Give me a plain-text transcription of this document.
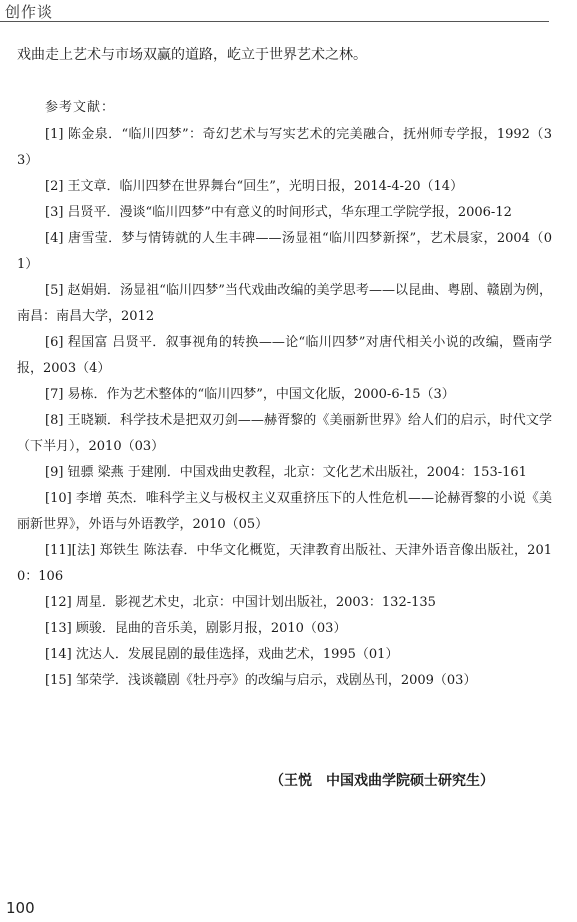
创作谈

戏曲走上艺术与市场双赢的道路，屹立于世界艺术之林。

参考文献：
[1] 陈金泉．“临川四梦”：奇幻艺术与写实艺术的完美融合，抚州师专学报，1992（33）
[2] 王文章．临川四梦在世界舞台“回生”，光明日报，2014-4-20（14）
[3] 吕贤平．漫谈“临川四梦”中有意义的时间形式，华东理工学院学报，2006-12
[4] 唐雪莹．梦与情铸就的人生丰碑——汤显祖“临川四梦新探”，艺术晨家，2004（01）
[5] 赵娟娟．汤显祖“临川四梦”当代戏曲改编的美学思考——以昆曲、粤剧、赣剧为例，南昌：南昌大学，2012
[6] 程国富 吕贤平．叙事视角的转换——论“临川四梦”对唐代相关小说的改编，暨南学报，2003（4）
[7] 易栋．作为艺术整体的“临川四梦”，中国文化版，2000-6-15（3）
[8] 王晓颖．科学技术是把双刃剑——赫胥黎的《美丽新世界》给人们的启示，时代文学（下半月），2010（03）
[9] 钮骠 梁燕 于建刚．中国戏曲史教程，北京：文化艺术出版社，2004：153-161
[10] 李增 英杰．唯科学主义与极权主义双重挤压下的人性危机——论赫胥黎的小说《美丽新世界》，外语与外语教学，2010（05）
[11][法] 郑铁生 陈法春．中华文化概览，天津教育出版社、天津外语音像出版社，2010：106
[12] 周星．影视艺术史，北京：中国计划出版社，2003：132-135
[13] 顾骏．昆曲的音乐美，剧影月报，2010（03）
[14] 沈达人．发展昆剧的最佳选择，戏曲艺术，1995（01）
[15] 邹荣学．浅谈赣剧《牡丹亭》的改编与启示，戏剧丛刊，2009（03）
（王悦　中国戏曲学院硕士研究生）
100
